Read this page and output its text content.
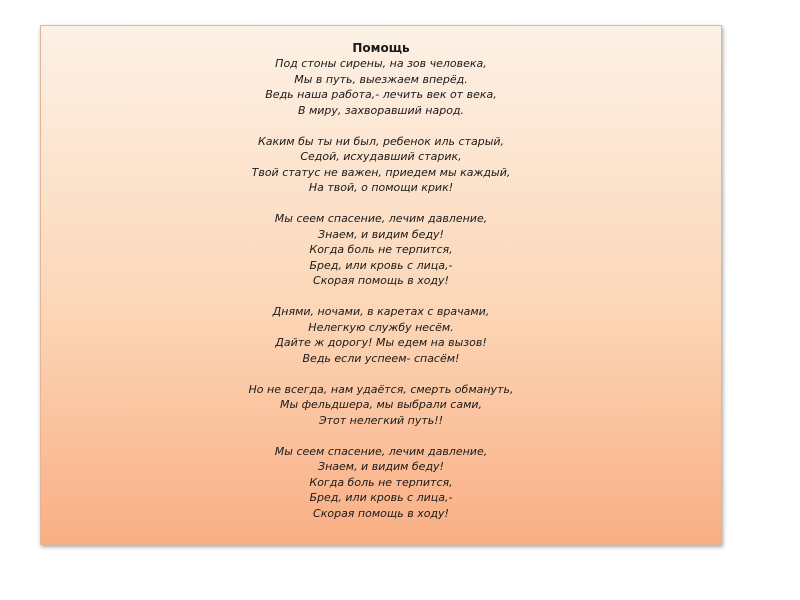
Помощь
Под стоны сирены, на зов человека,
Мы в путь, выезжаем вперёд.
Ведь наша работа,- лечить век от века,
В миру, захворавший народ.
Каким бы ты ни был, ребенок иль старый,
Седой, исхудавший старик,
Твой статус не важен, приедем мы каждый,
На твой, о помощи крик!
Мы сеем спасение, лечим давление,
Знаем, и видим беду!
Когда боль не терпится,
Бред, или кровь с лица,-
Скорая помощь в ходу!
Днями, ночами, в каретах с врачами,
Нелегкую службу несём.
Дайте ж дорогу! Мы едем на вызов!
Ведь если успеем- спасём!
Но не всегда, нам удаётся, смерть обмануть,
Мы фельдшера, мы выбрали сами,
Этот нелегкий путь!!
Мы сеем спасение, лечим давление,
Знаем, и видим беду!
Когда боль не терпится,
Бред, или кровь с лица,-
Скорая помощь в ходу!
